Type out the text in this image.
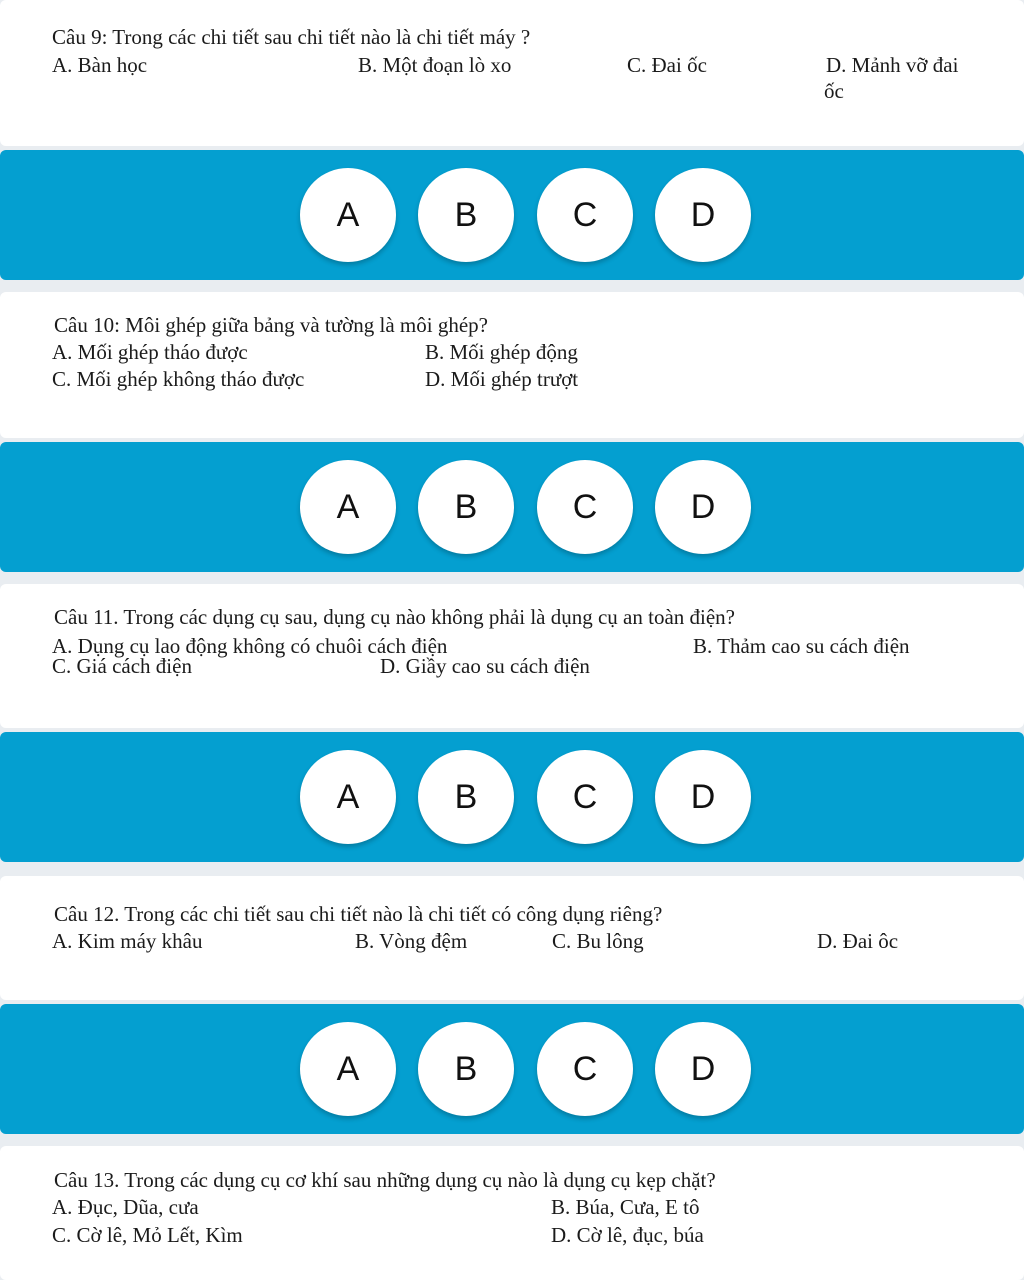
Câu 9: Trong các chi tiết sau chi tiết nào là chi tiết máy ?
A. Bàn học	B. Một đoạn lò xo	C. Đai ốc	D. Mảnh vỡ đai
ốc
A	B	C	D
Câu 10: Môi ghép giữa bảng và tường là môi ghép?
A. Mối ghép tháo được	B. Mối ghép động
C. Mối ghép không tháo được	D. Mối ghép trượt
A	B	C	D
Câu 11. Trong các dụng cụ sau, dụng cụ nào không phải là dụng cụ an toàn điện?
A. Dụng cụ lao động không có chuôi cách điện	B. Thảm cao su cách điện
C. Giá cách điện	D. Giầy cao su cách điện
A	B	C	D
Câu 12. Trong các chi tiết sau chi tiết nào là chi tiết có công dụng riêng?
A. Kim máy khâu	B. Vòng đệm	C. Bu lông	D. Đai ôc
A	B	C	D
Câu 13. Trong các dụng cụ cơ khí sau những dụng cụ nào là dụng cụ kẹp chặt?
A. Đục, Dũa, cưa	B. Búa, Cưa, E tô
C. Cờ lê, Mỏ Lết, Kìm	D. Cờ lê, đục, búa
